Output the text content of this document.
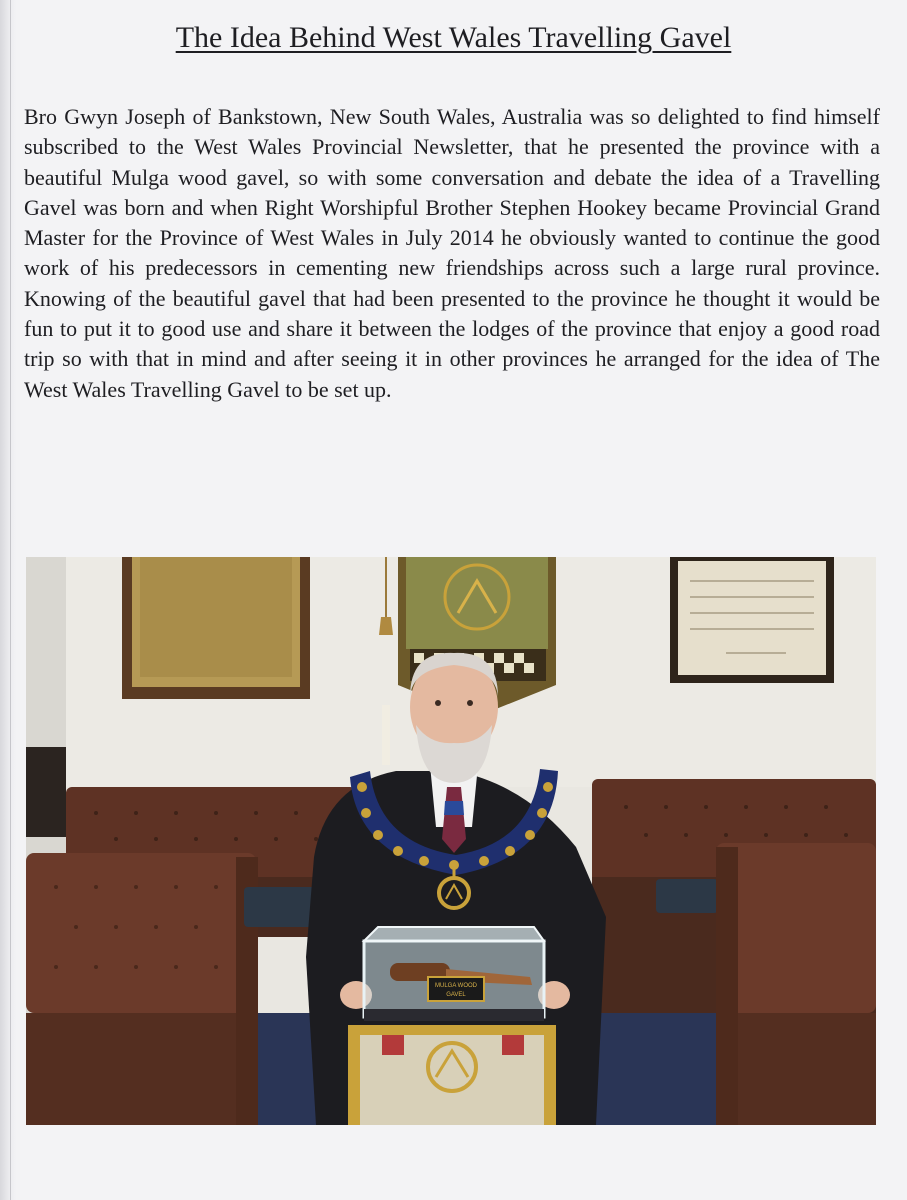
The Idea Behind West Wales Travelling Gavel

Bro Gwyn Joseph of Bankstown, New South Wales, Australia was so delighted to find himself subscribed to the West Wales Provincial Newsletter, that he presented the province with a beautiful Mulga wood gavel, so with some conversation and debate the idea of a Travelling Gavel was born and when Right Worshipful Brother Stephen Hookey became Provincial Grand Master for the Province of West Wales in July 2014 he obviously wanted to continue the good work of his predecessors in cementing new friendships across such a large rural province. Knowing of the beautiful gavel that had been presented to the province he thought it would be fun to put it to good use and share it between the lodges of the province that enjoy a good road trip so with that in mind and after seeing it in other provinces he arranged for the idea of The West Wales Travelling Gavel to be set up.

MULGA WOOD
GAVEL
